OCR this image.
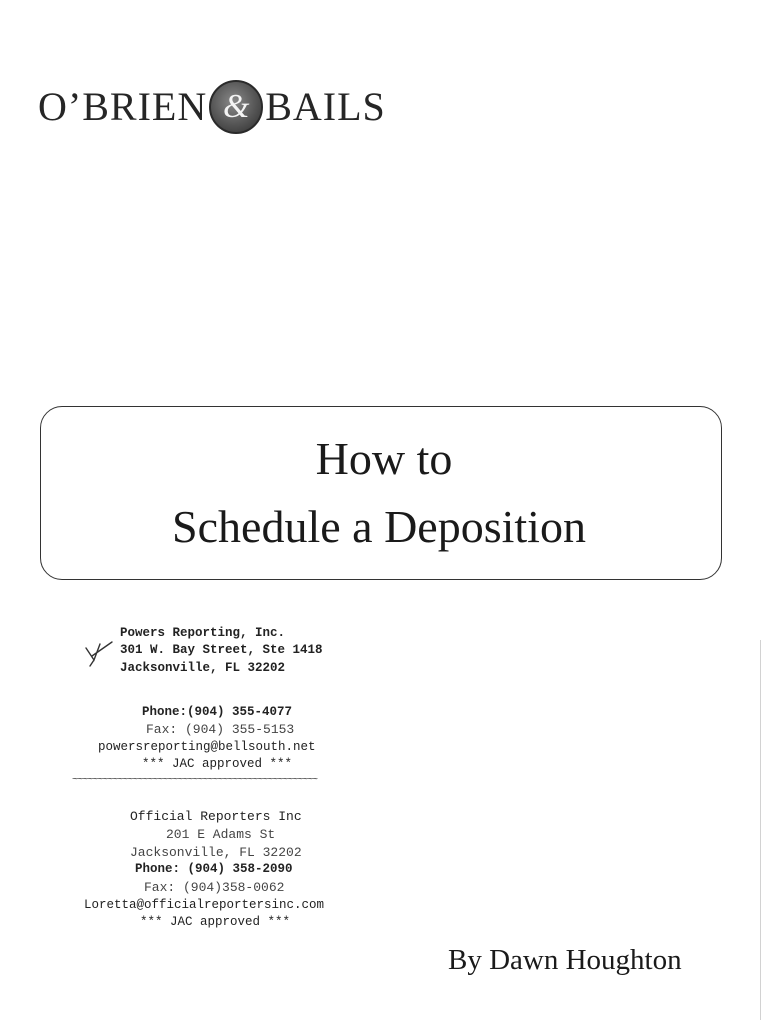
O’BRIEN & BAILS
How to
Schedule a Deposition
Powers Reporting, Inc.
301 W. Bay Street, Ste 1418
Jacksonville, FL 32202
Phone:(904) 355-4077
Fax: (904) 355-5153
powersreporting@bellsouth.net
*** JAC approved ***
~~~~~~~~~~~~~~~~~~~~~~~~~~~~~~~~~~~~~~~~~~~~~~~~~
Official Reporters Inc
201 E Adams St
Jacksonville, FL 32202
Phone: (904) 358-2090
Fax: (904)358-0062
Loretta@officialreportersinc.com
*** JAC approved ***
By Dawn Houghton
